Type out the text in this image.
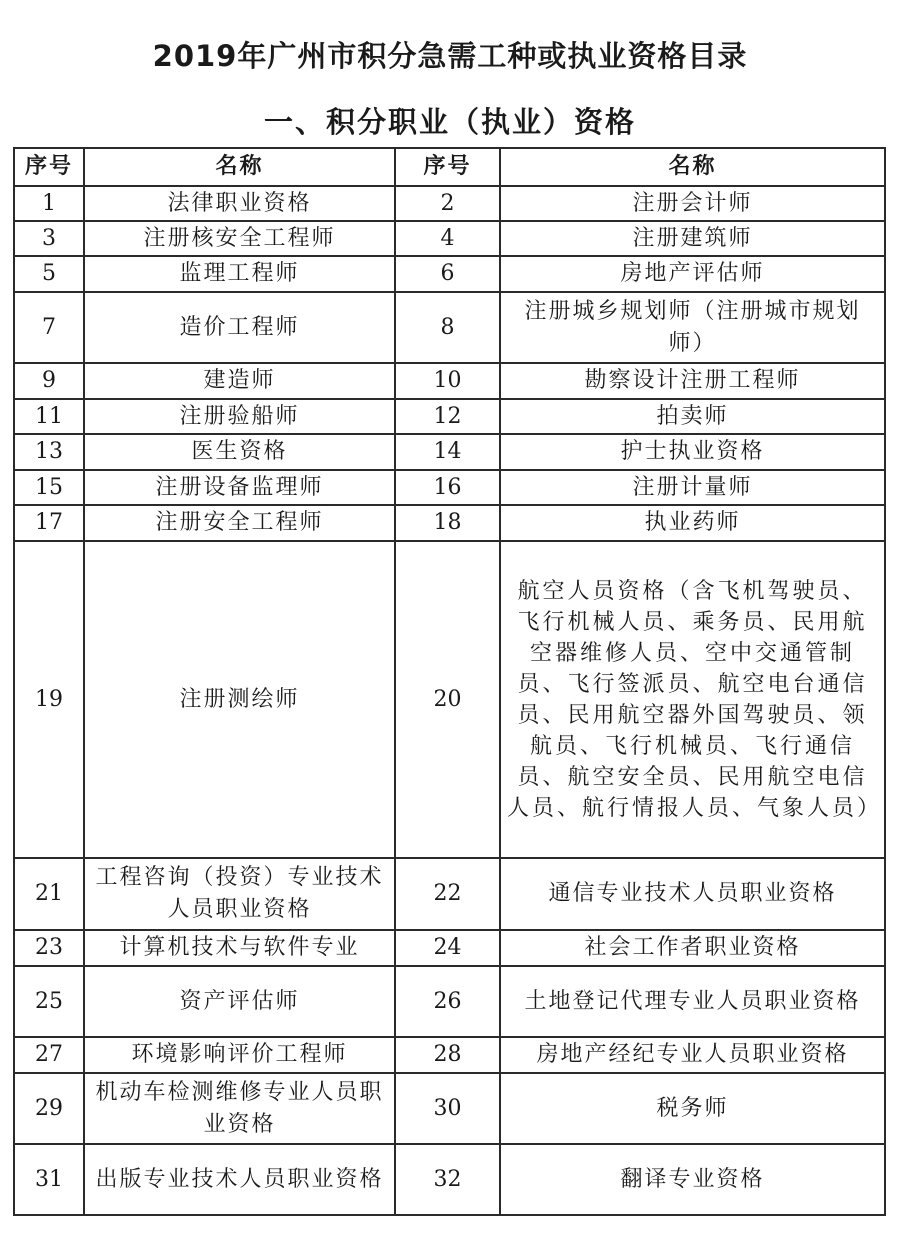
2019年广州市积分急需工种或执业资格目录
一、积分职业（执业）资格
序号	名称	序号	名称
1	法律职业资格	2	注册会计师
3	注册核安全工程师	4	注册建筑师
5	监理工程师	6	房地产评估师
7	造价工程师	8	注册城乡规划师（注册城市规划师）
9	建造师	10	勘察设计注册工程师
11	注册验船师	12	拍卖师
13	医生资格	14	护士执业资格
15	注册设备监理师	16	注册计量师
17	注册安全工程师	18	执业药师
19	注册测绘师	20	航空人员资格（含飞机驾驶员、飞行机械人员、乘务员、民用航空器维修人员、空中交通管制员、飞行签派员、航空电台通信员、民用航空器外国驾驶员、领航员、飞行机械员、飞行通信员、航空安全员、民用航空电信人员、航行情报人员、气象人员）
21	工程咨询（投资）专业技术人员职业资格	22	通信专业技术人员职业资格
23	计算机技术与软件专业	24	社会工作者职业资格
25	资产评估师	26	土地登记代理专业人员职业资格
27	环境影响评价工程师	28	房地产经纪专业人员职业资格
29	机动车检测维修专业人员职业资格	30	税务师
31	出版专业技术人员职业资格	32	翻译专业资格
